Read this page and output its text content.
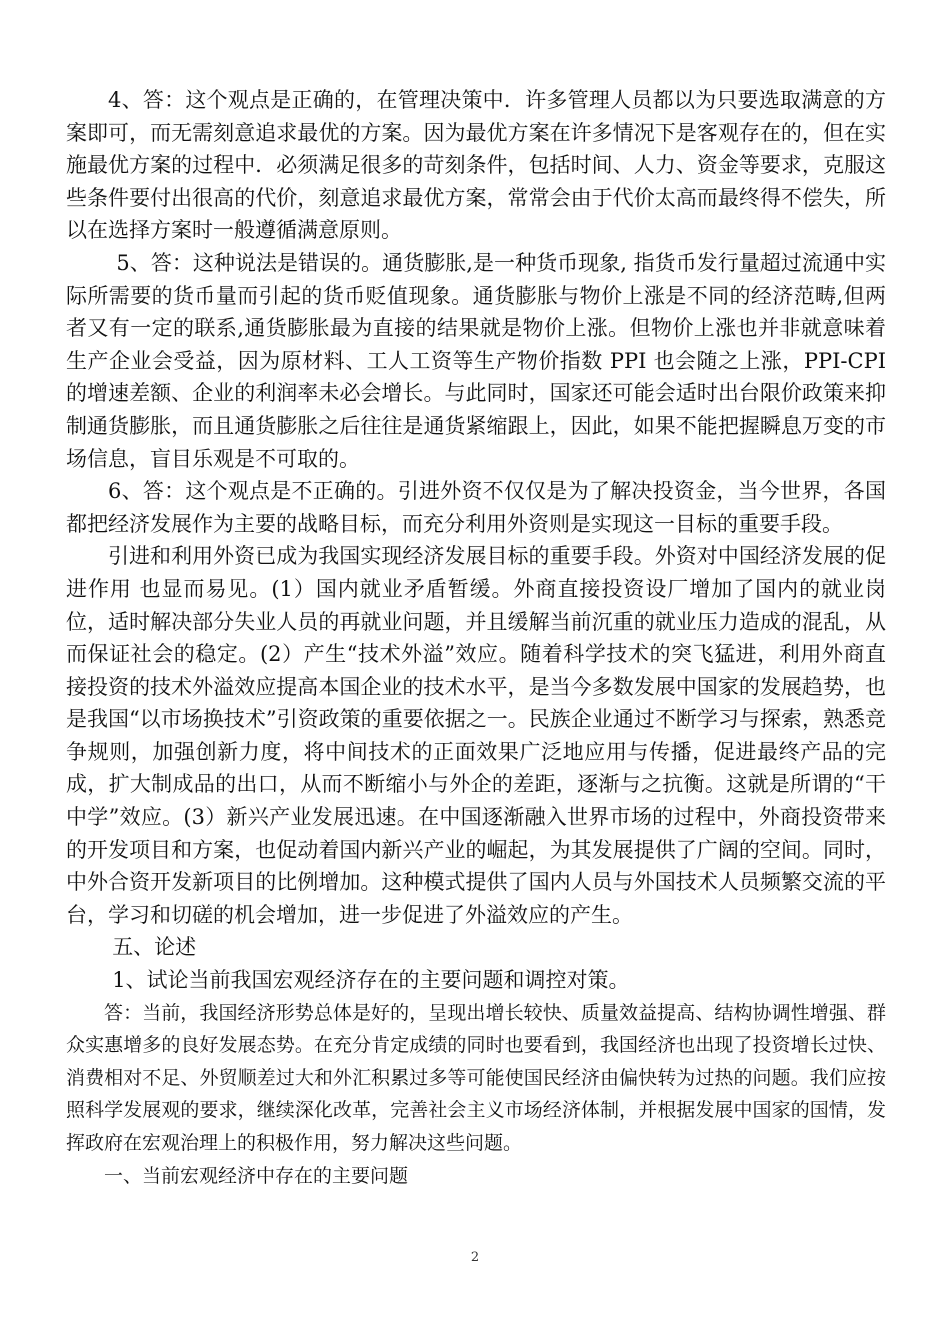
4、答：这个观点是正确的，在管理决策中．许多管理人员都以为只要选取满意的方案即可，而无需刻意追求最优的方案。因为最优方案在许多情况下是客观存在的，但在实施最优方案的过程中．必须满足很多的苛刻条件，包括时间、人力、资金等要求，克服这些条件要付出很高的代价，刻意追求最优方案，常常会由于代价太高而最终得不偿失，所以在选择方案时一般遵循满意原则。

5、答：这种说法是错误的。通货膨胀,是一种货币现象, 指货币发行量超过流通中实际所需要的货币量而引起的货币贬值现象。通货膨胀与物价上涨是不同的经济范畴,但两者又有一定的联系,通货膨胀最为直接的结果就是物价上涨。但物价上涨也并非就意味着生产企业会受益，因为原材料、工人工资等生产物价指数 PPI 也会随之上涨，PPI-CPI的增速差额、企业的利润率未必会增长。与此同时，国家还可能会适时出台限价政策来抑制通货膨胀，而且通货膨胀之后往往是通货紧缩跟上，因此，如果不能把握瞬息万变的市场信息，盲目乐观是不可取的。

6、答：这个观点是不正确的。引进外资不仅仅是为了解决投资金，当今世界，各国都把经济发展作为主要的战略目标，而充分利用外资则是实现这一目标的重要手段。

引进和利用外资已成为我国实现经济发展目标的重要手段。外资对中国经济发展的促进作用 也显而易见。(1）国内就业矛盾暂缓。外商直接投资设厂增加了国内的就业岗位，适时解决部分失业人员的再就业问题，并且缓解当前沉重的就业压力造成的混乱，从而保证社会的稳定。(2）产生“技术外溢”效应。随着科学技术的突飞猛进，利用外商直接投资的技术外溢效应提高本国企业的技术水平，是当今多数发展中国家的发展趋势，也是我国“以市场换技术”引资政策的重要依据之一。民族企业通过不断学习与探索，熟悉竞争规则，加强创新力度，将中间技术的正面效果广泛地应用与传播，促进最终产品的完成，扩大制成品的出口，从而不断缩小与外企的差距，逐渐与之抗衡。这就是所谓的“干中学”效应。(3）新兴产业发展迅速。在中国逐渐融入世界市场的过程中，外商投资带来的开发项目和方案，也促动着国内新兴产业的崛起，为其发展提供了广阔的空间。同时，中外合资开发新项目的比例增加。这种模式提供了国内人员与外国技术人员频繁交流的平台，学习和切磋的机会增加，进一步促进了外溢效应的产生。

五、论述

1、试论当前我国宏观经济存在的主要问题和调控对策。

答：当前，我国经济形势总体是好的，呈现出增长较快、质量效益提高、结构协调性增强、群众实惠增多的良好发展态势。在充分肯定成绩的同时也要看到，我国经济也出现了投资增长过快、消费相对不足、外贸顺差过大和外汇积累过多等可能使国民经济由偏快转为过热的问题。我们应按照科学发展观的要求，继续深化改革，完善社会主义市场经济体制，并根据发展中国家的国情，发挥政府在宏观治理上的积极作用，努力解决这些问题。

一、当前宏观经济中存在的主要问题

2
